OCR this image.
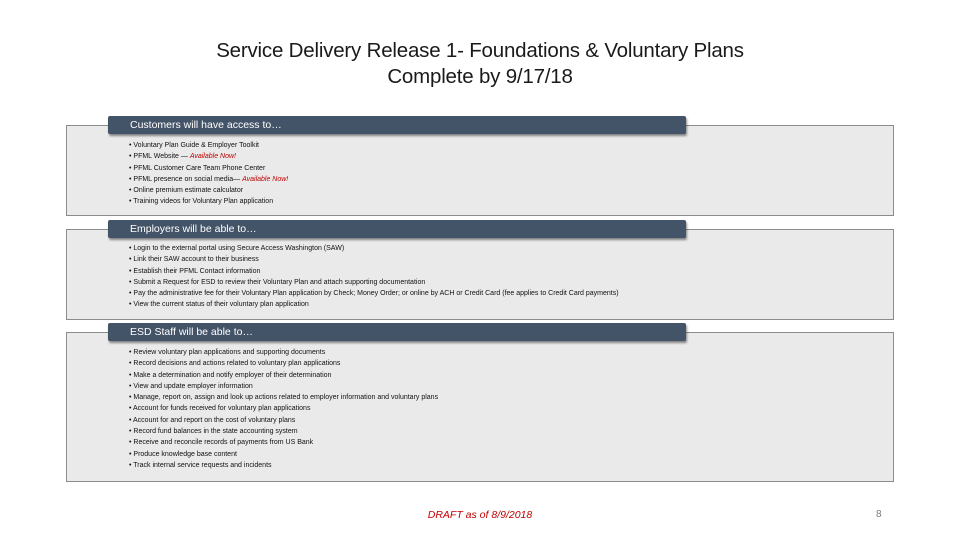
Service Delivery Release 1- Foundations & Voluntary Plans
Complete by 9/17/18
Customers will have access to…
• Voluntary Plan Guide & Employer Toolkit
• PFML Website — Available Now!
• PFML Customer Care Team Phone Center
• PFML presence on social media— Available Now!
• Online premium estimate calculator
• Training videos for Voluntary Plan application
Employers will be able to…
• Login to the external portal using Secure Access Washington (SAW)
• Link their SAW account to their business
• Establish their PFML Contact information
• Submit a Request for ESD to review their Voluntary Plan and attach supporting documentation
• Pay the administrative fee for their Voluntary Plan application by Check; Money Order; or online by ACH or Credit Card (fee applies to Credit Card payments)
• View the current status of their voluntary plan application
ESD Staff will be able to…
• Review voluntary plan applications and supporting documents
• Record decisions and actions related to voluntary plan applications
• Make a determination and notify employer of their determination
• View and update employer information
• Manage, report on, assign and look up actions related to employer information and voluntary plans
• Account for funds received for voluntary plan applications
• Account for and report on the cost of voluntary plans
• Record fund balances in the state accounting system
• Receive and reconcile records of payments from US Bank
• Produce knowledge base content
• Track internal service requests and incidents
DRAFT as of 8/9/2018	8
